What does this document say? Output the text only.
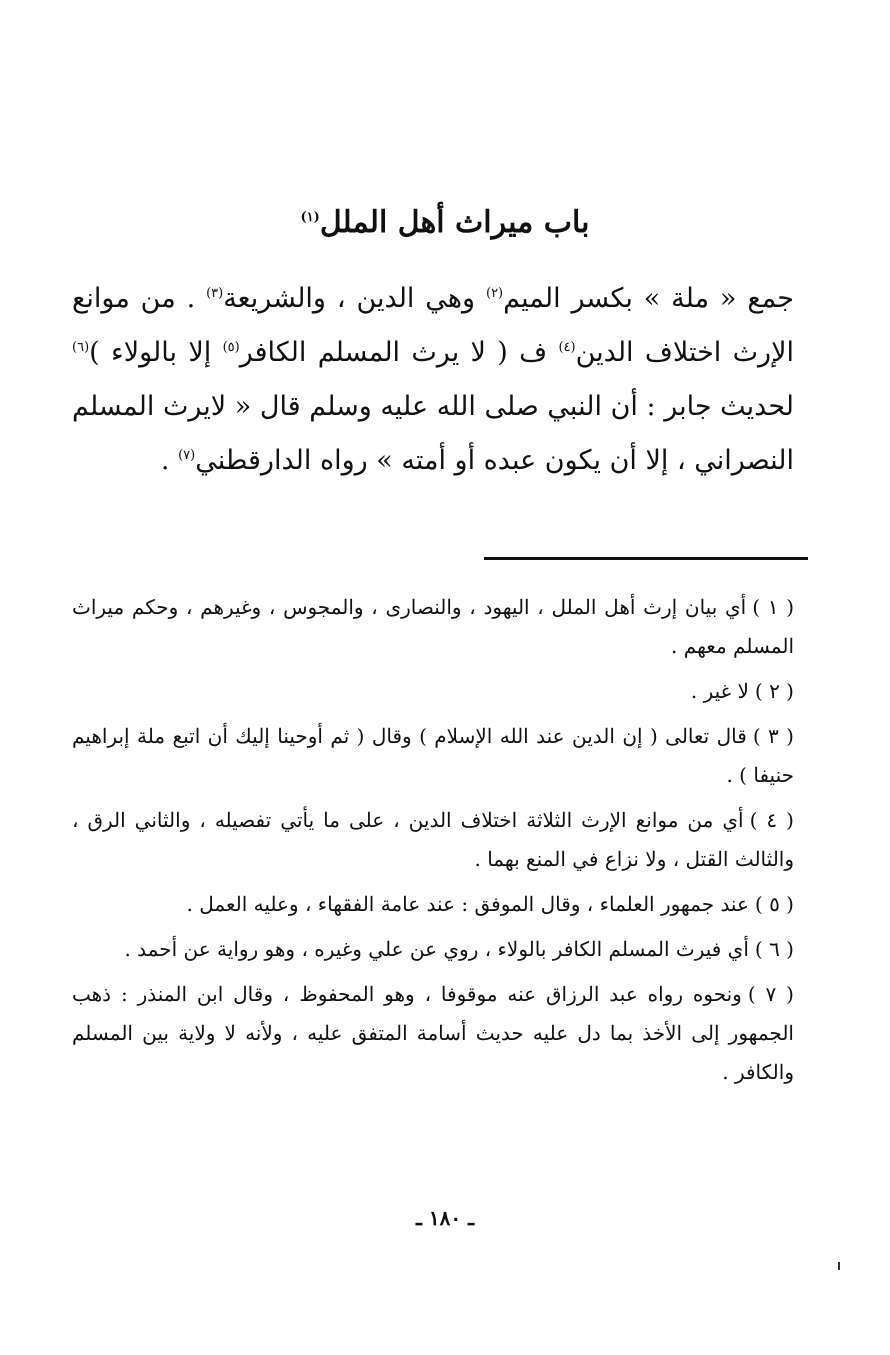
باب ميراث أهل الملل$^{(١)}$
جمع « ملة » بكسر الميم$^{(٢)}$ وهي الدين ، والشريعة$^{(٣)}$ . من موانع الإرث اختلاف الدين$^{(٤)}$ ف ( لا يرث المسلم الكافر$^{(٥)}$ إلا بالولاء )$^{(٦)}$ لحديث جابر : أن النبي صلى الله عليه وسلم قال « لايرث المسلم النصراني ، إلا أن يكون عبده أو أمته » رواه الدارقطني$^{(٧)}$ .

( ١ )أي بيان إرث أهل الملل ، اليهود ، والنصارى ، والمجوس ، وغيرهم ، وحكم ميراث المسلم معهم .

( ٢ )لا غير .

( ٣ )قال تعالى ( إن الدين عند الله الإسلام ) وقال ( ثم أوحينا إليك أن اتبع ملة إبراهيم حنيفا ) .

( ٤ )أي من موانع الإرث الثلاثة اختلاف الدين ، على ما يأتي تفصيله ، والثاني الرق ، والثالث القتل ، ولا نزاع في المنع بهما .

( ٥ )عند جمهور العلماء ، وقال الموفق : عند عامة الفقهاء ، وعليه العمل .

( ٦ )أي فيرث المسلم الكافر بالولاء ، روي عن علي وغيره ، وهو رواية عن أحمد .

( ٧ )ونحوه رواه عبد الرزاق عنه موقوفا ، وهو المحفوظ ، وقال ابن المنذر : ذهب الجمهور إلى الأخذ بما دل عليه حديث أسامة المتفق عليه ، ولأنه لا ولاية بين المسلم والكافر .

ـ ١٨٠ ـ
